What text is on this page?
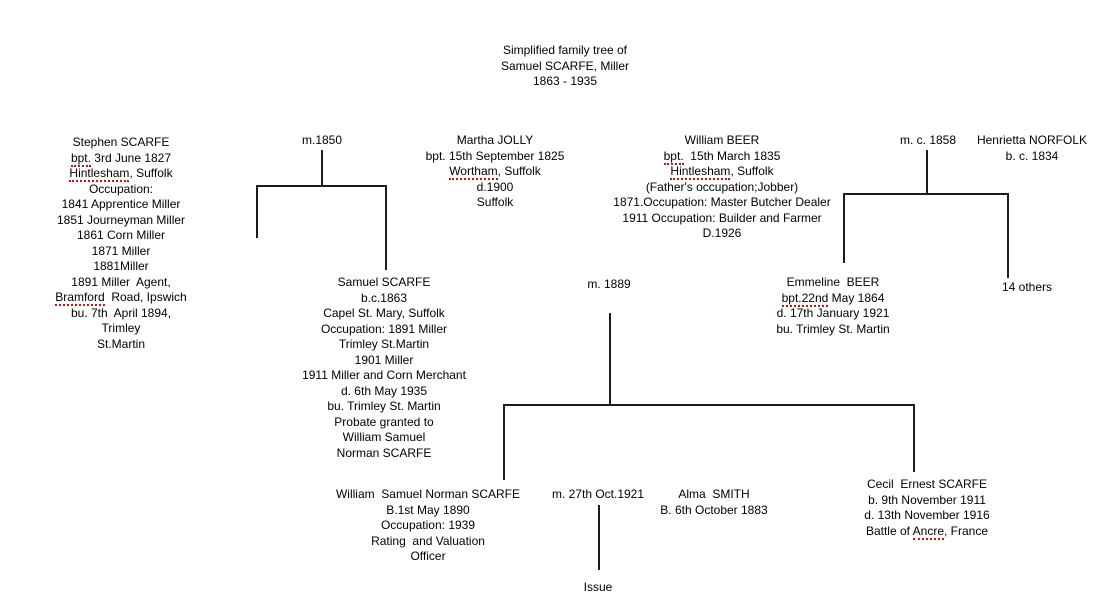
Simplified family tree of
Samuel SCARFE, Miller
1863 - 1935
Stephen SCARFE
bpt. 3rd June 1827
Hintlesham, Suffolk
Occupation:
1841 Apprentice Miller
1851 Journeyman Miller
1861 Corn Miller
1871 Miller
1881Miller
1891 Miller  Agent,
Bramford  Road, Ipswich
bu. 7th  April 1894,
Trimley
St.Martin
m.1850	Martha JOLLY
bpt. 15th September 1825
Wortham, Suffolk
d.1900
Suffolk
William BEER
bpt.  15th March 1835
Hintlesham, Suffolk
(Father's occupation;Jobber)
1871.Occupation: Master Butcher Dealer
1911 Occupation: Builder and Farmer
D.1926
m. c. 1858	Henrietta NORFOLK
b. c. 1834
Samuel SCARFE
b.c.1863
Capel St. Mary, Suffolk
Occupation: 1891 Miller
Trimley St.Martin
1901 Miller
1911 Miller and Corn Merchant
d. 6th May 1935
bu. Trimley St. Martin
Probate granted to
William Samuel
Norman SCARFE
m. 1889	Emmeline  BEER
bpt.22nd May 1864
d. 17th January 1921
bu. Trimley St. Martin
14 others
William  Samuel Norman SCARFE
B.1st May 1890
Occupation: 1939
Rating  and Valuation
Officer
m. 27th Oct.1921	Alma  SMITH
B. 6th October 1883
Cecil  Ernest SCARFE
b. 9th November 1911
d. 13th November 1916
Battle of Ancre, France
Issue
